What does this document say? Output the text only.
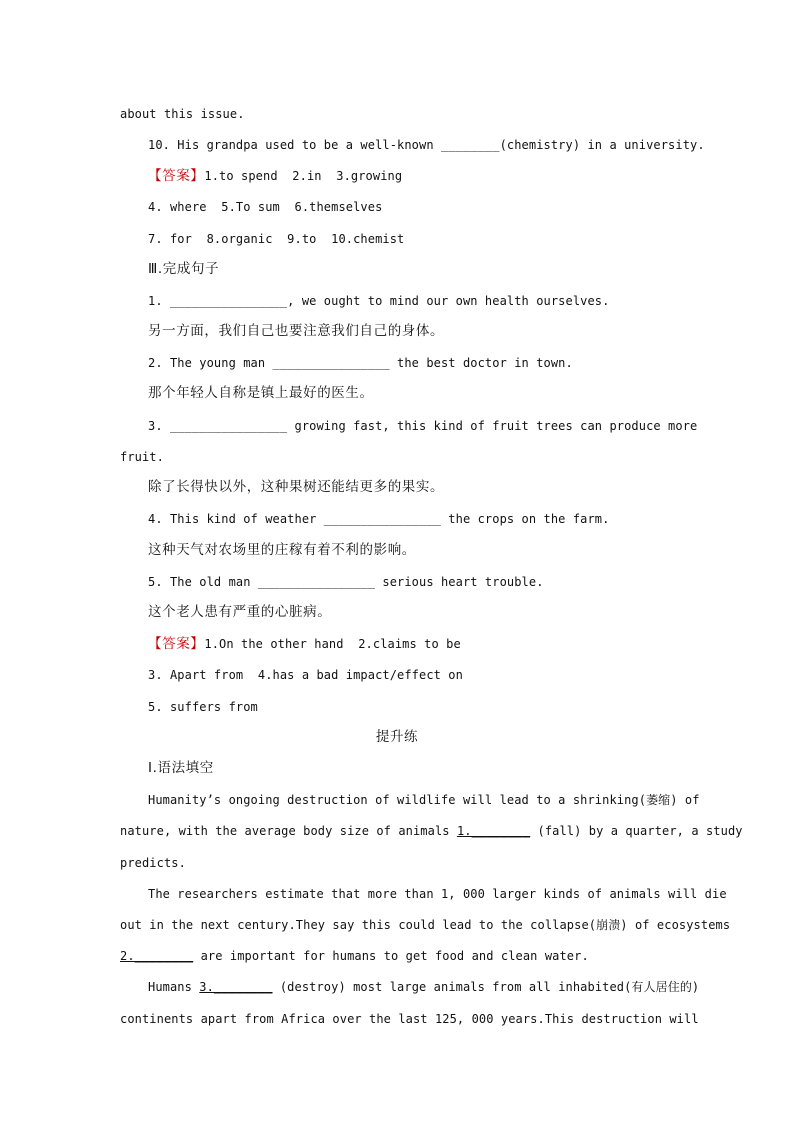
about this issue.
10. His grandpa used to be a well-known ________(chemistry) in a university.
【答案】1.to spend  2.in  3.growing
4. where  5.To sum  6.themselves
7. for  8.organic  9.to  10.chemist
Ⅲ.完成句子
1. ________________, we ought to mind our own health ourselves.
另一方面，我们自己也要注意我们自己的身体。
2. The young man ________________ the best doctor in town.
那个年轻人自称是镇上最好的医生。
3. ________________ growing fast, this kind of fruit trees can produce more
fruit.
除了长得快以外，这种果树还能结更多的果实。
4. This kind of weather ________________ the crops on the farm.
这种天气对农场里的庄稼有着不利的影响。
5. The old man ________________ serious heart trouble.
这个老人患有严重的心脏病。
【答案】1.On the other hand  2.claims to be
3. Apart from  4.has a bad impact/effect on
5. suffers from
提升练
Ⅰ.语法填空
Humanity’s ongoing destruction of wildlife will lead to a shrinking(萎缩) of
nature, with the average body size of animals 1.________ (fall) by a quarter, a study
predicts.
The researchers estimate that more than 1, 000 larger kinds of animals will die
out in the next century.They say this could lead to the collapse(崩溃) of ecosystems
2.________ are important for humans to get food and clean water.
Humans 3.________ (destroy) most large animals from all inhabited(有人居住的)
continents apart from Africa over the last 125, 000 years.This destruction will
